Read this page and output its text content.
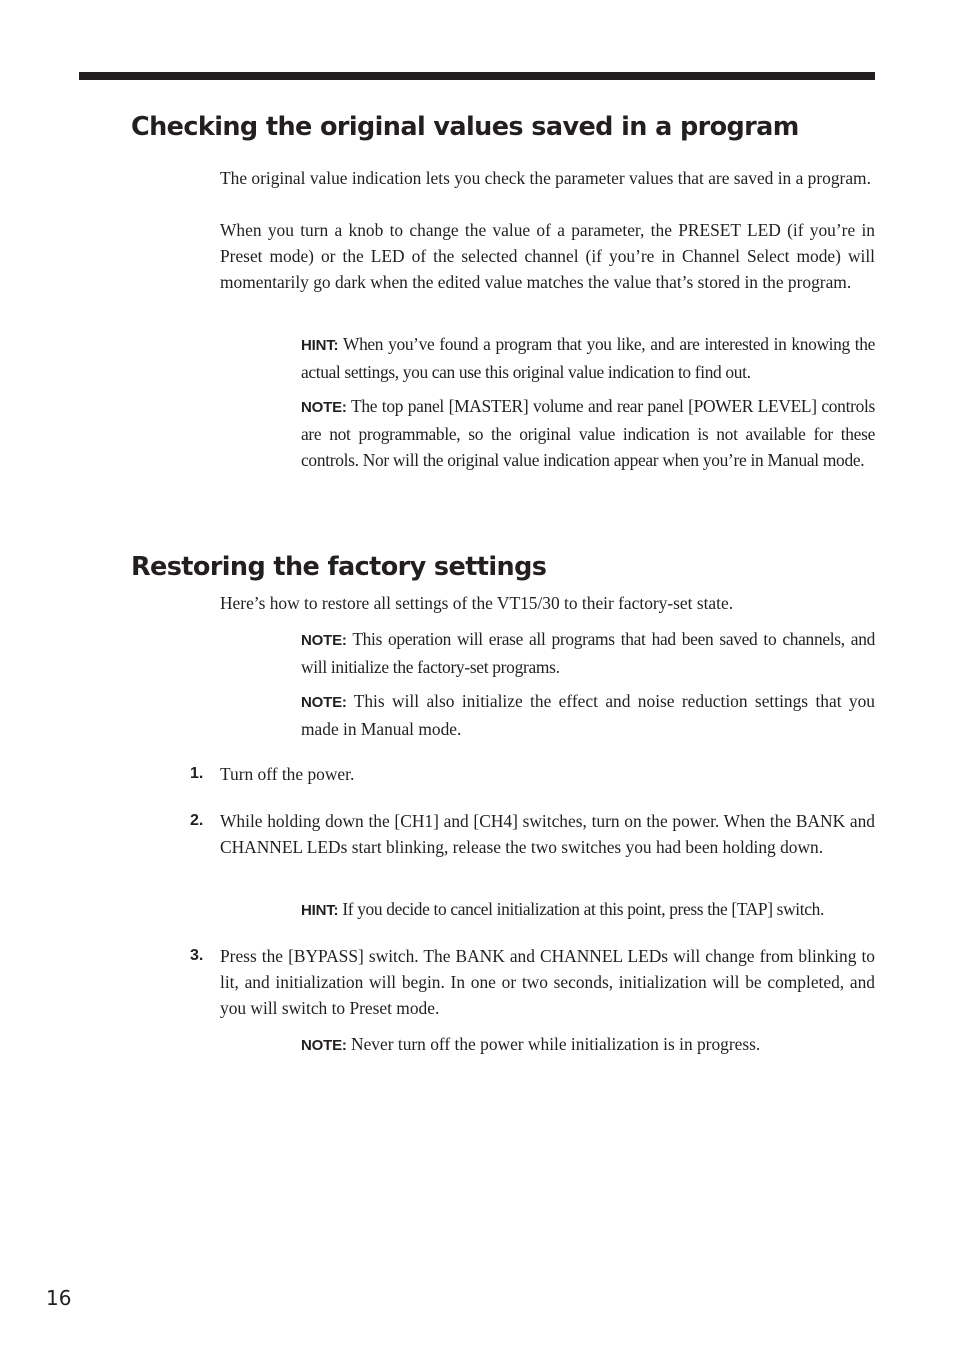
Checking the original values saved in a program

The original value indication lets you check the parameter values that are saved in a program.

When you turn a knob to change the value of a parameter, the PRESET LED (if you’re in Preset mode) or the LED of the selected channel (if you’re in Channel Select mode) will momentarily go dark when the edited value matches the value that’s stored in the program.

HINT: When you’ve found a program that you like, and are interested in knowing the actual settings, you can use this original value indication to find out.

NOTE: The top panel [MASTER] volume and rear panel [POWER LEVEL] controls are not programmable, so the original value indication is not available for these controls. Nor will the original value indication appear when you’re in Manual mode.

Restoring the factory settings

Here’s how to restore all settings of the VT15/30 to their factory-set state.

NOTE: This operation will erase all programs that had been saved to channels, and will initialize the factory-set programs.

NOTE: This will also initialize the effect and noise reduction settings that you made in Manual mode.

1. Turn off the power.

2. While holding down the [CH1] and [CH4] switches, turn on the power. When the BANK and CHANNEL LEDs start blinking, release the two switches you had been holding down.

HINT: If you decide to cancel initialization at this point, press the [TAP] switch.

3. Press the [BYPASS] switch. The BANK and CHANNEL LEDs will change from blinking to lit, and initialization will begin. In one or two seconds, initialization will be completed, and you will switch to Preset mode.

NOTE: Never turn off the power while initialization is in progress.

16
